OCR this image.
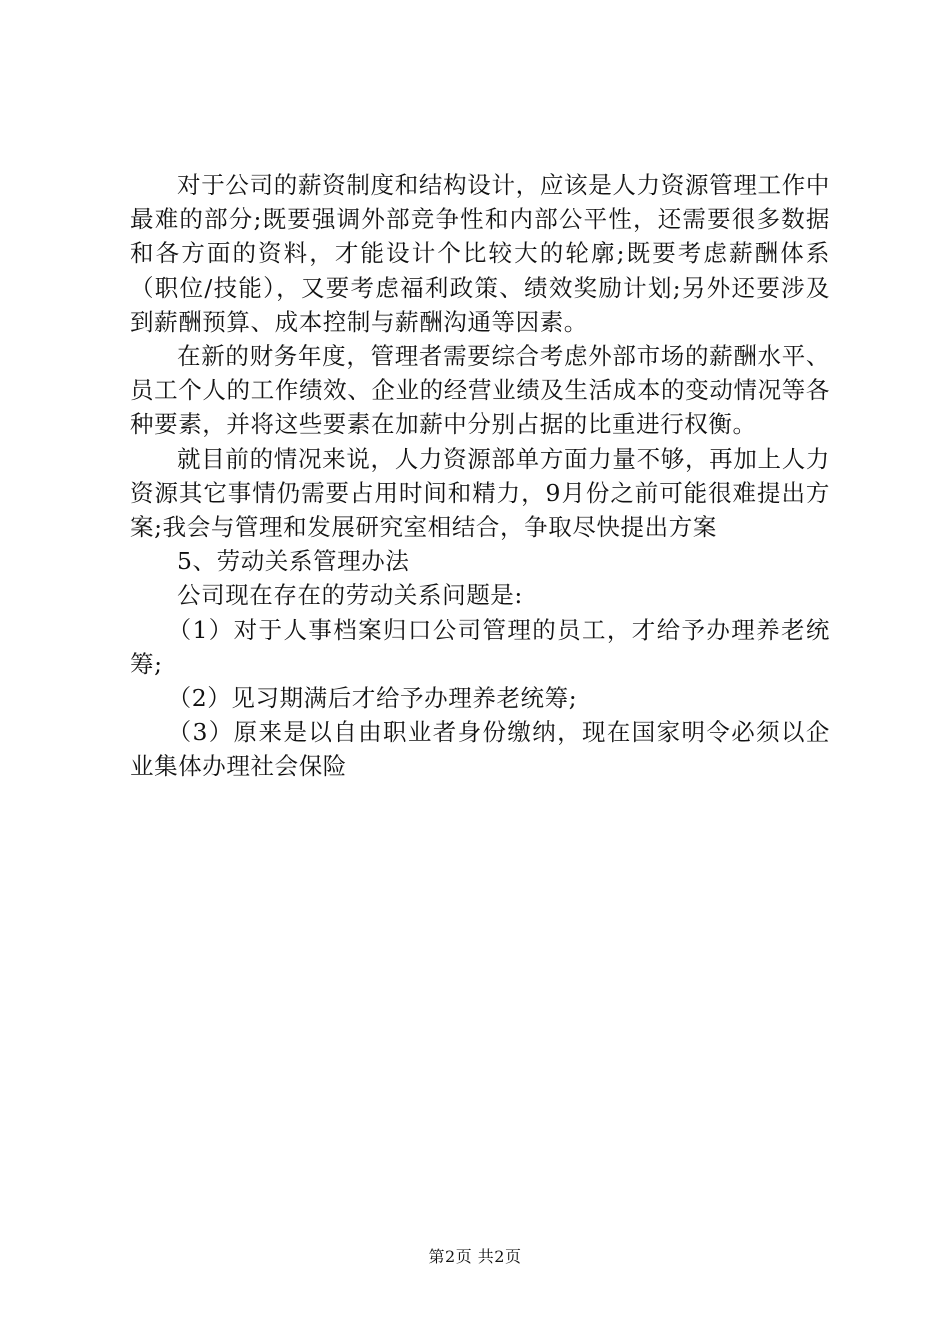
对于公司的薪资制度和结构设计，应该是人力资源管理工作中最难的部分;既要强调外部竞争性和内部公平性，还需要很多数据和各方面的资料，才能设计个比较大的轮廓;既要考虑薪酬体系（职位/技能），又要考虑福利政策、绩效奖励计划;另外还要涉及到薪酬预算、成本控制与薪酬沟通等因素。

在新的财务年度，管理者需要综合考虑外部市场的薪酬水平、员工个人的工作绩效、企业的经营业绩及生活成本的变动情况等各种要素，并将这些要素在加薪中分别占据的比重进行权衡。

就目前的情况来说，人力资源部单方面力量不够，再加上人力资源其它事情仍需要占用时间和精力，9月份之前可能很难提出方案;我会与管理和发展研究室相结合，争取尽快提出方案

5、劳动关系管理办法

公司现在存在的劳动关系问题是:

（1）对于人事档案归口公司管理的员工，才给予办理养老统筹;

（2）见习期满后才给予办理养老统筹;

（3）原来是以自由职业者身份缴纳，现在国家明令必须以企业集体办理社会保险

第2页 共2页
